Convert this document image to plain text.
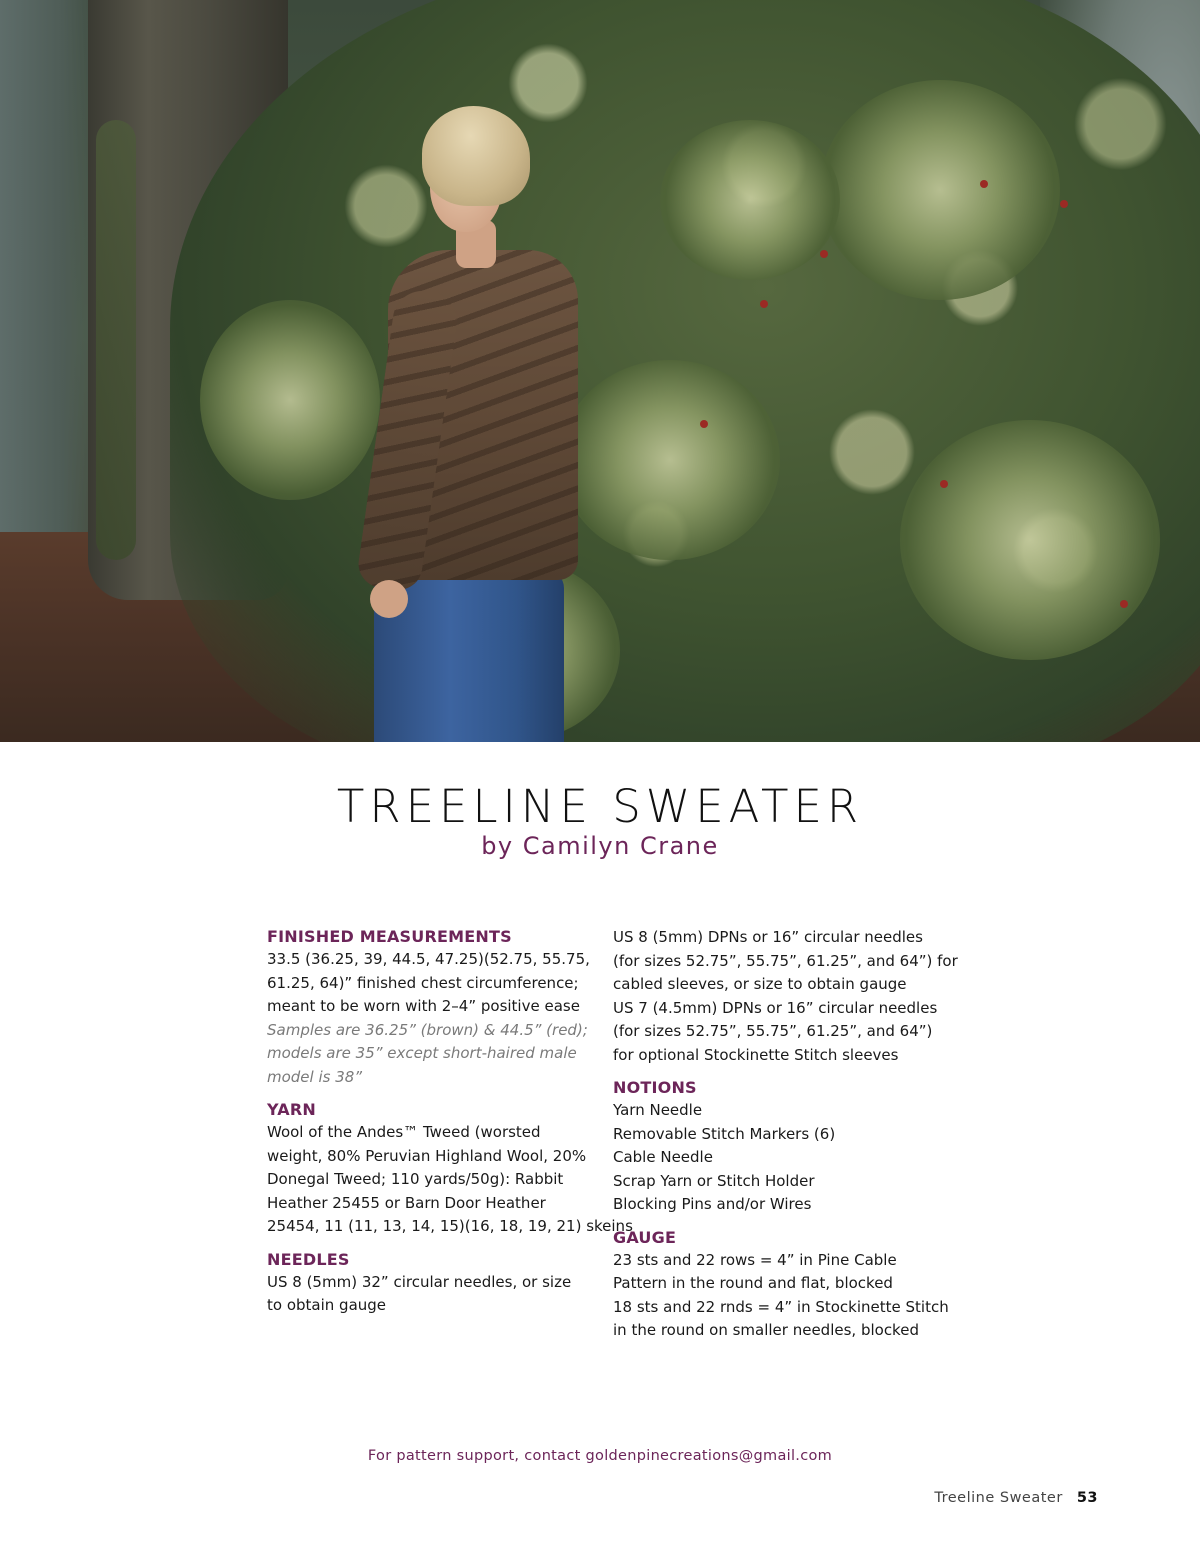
TREELINE SWEATER
by Camilyn Crane
FINISHED MEASUREMENTS
33.5 (36.25, 39, 44.5, 47.25)(52.75, 55.75,
61.25, 64)” finished chest circumference;
meant to be worn with 2–4” positive ease
Samples are 36.25” (brown) & 44.5” (red);
models are 35” except short-haired male
model is 38”
YARN
Wool of the Andes™ Tweed (worsted
weight, 80% Peruvian Highland Wool, 20%
Donegal Tweed; 110 yards/50g): Rabbit
Heather 25455 or Barn Door Heather
25454, 11 (11, 13, 14, 15)(16, 18, 19, 21) skeins
NEEDLES
US 8 (5mm) 32” circular needles, or size
to obtain gauge
US 8 (5mm) DPNs or 16” circular needles
(for sizes 52.75”, 55.75”, 61.25”, and 64”) for
cabled sleeves, or size to obtain gauge
US 7 (4.5mm) DPNs or 16” circular needles
(for sizes 52.75”, 55.75”, 61.25”, and 64”)
for optional Stockinette Stitch sleeves
NOTIONS
Yarn Needle
Removable Stitch Markers (6)
Cable Needle
Scrap Yarn or Stitch Holder
Blocking Pins and/or Wires
GAUGE
23 sts and 22 rows = 4” in Pine Cable
Pattern in the round and flat, blocked
18 sts and 22 rnds = 4” in Stockinette Stitch
in the round on smaller needles, blocked
For pattern support, contact goldenpinecreations@gmail.com
Treeline Sweater 53
